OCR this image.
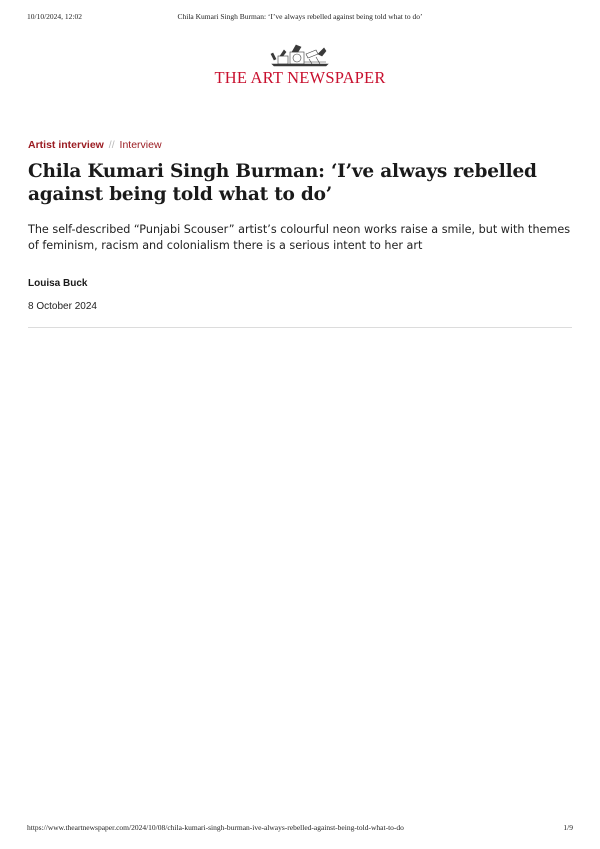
10/10/2024, 12:02	Chila Kumari Singh Burman: ‘I’ve always rebelled against being told what to do’
THE ART NEWSPAPER
Artist interview // Interview
Chila Kumari Singh Burman: ‘I’ve always rebelled against being told what to do’
The self-described “Punjabi Scouser” artist’s colourful neon works raise a smile, but with themes of feminism, racism and colonialism there is a serious intent to her art
Louisa Buck
8 October 2024
https://www.theartnewspaper.com/2024/10/08/chila-kumari-singh-burman-ive-always-rebelled-against-being-told-what-to-do	1/9
